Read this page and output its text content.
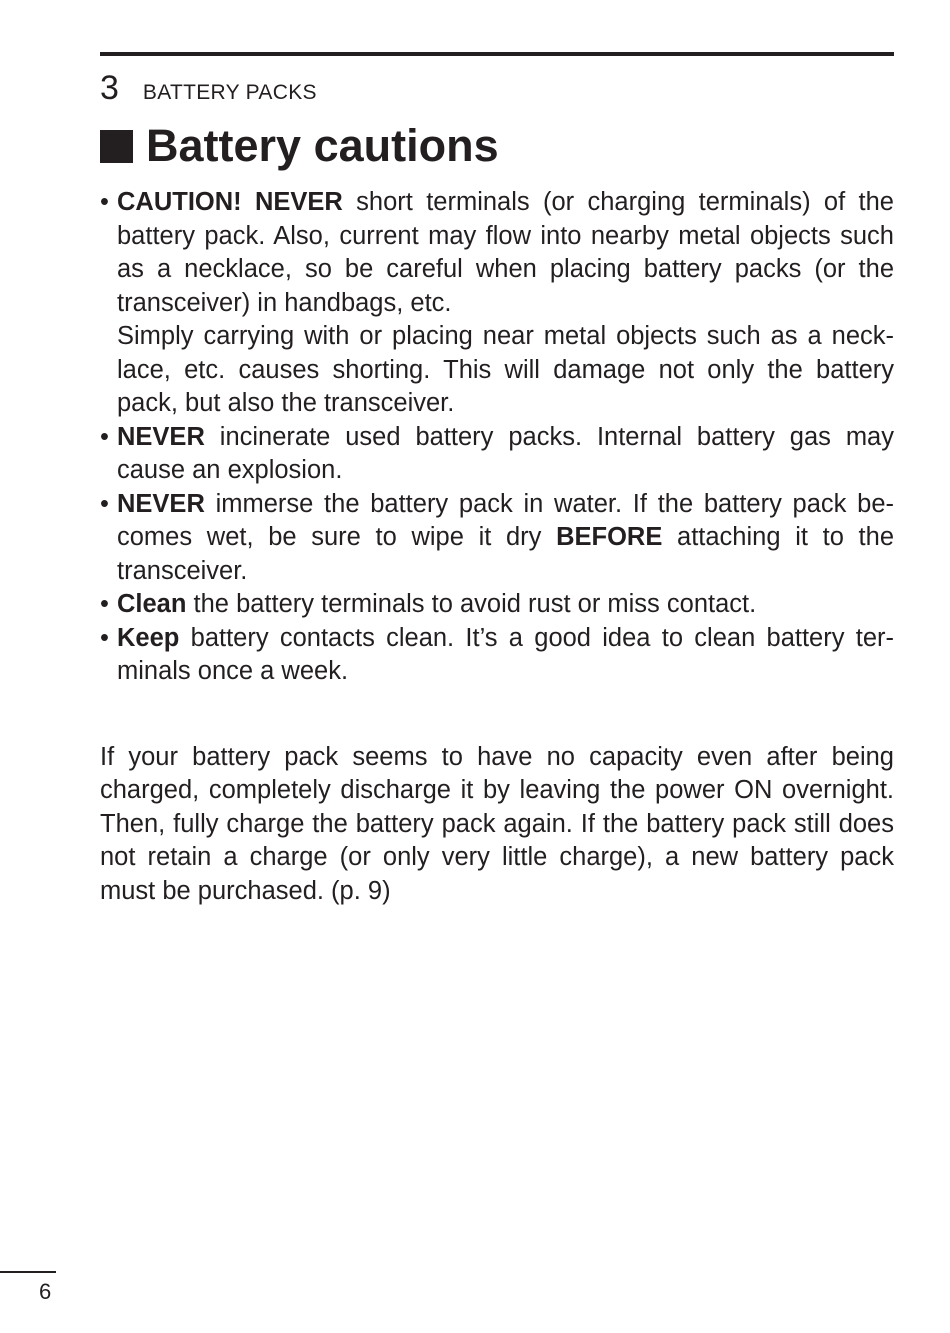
3 BATTERY PACKS
Battery cautions
• CAUTION! NEVER short terminals (or charging terminals) of the battery pack. Also, current may flow into nearby metal objects such as a necklace, so be careful when placing battery packs (or the transceiver) in handbags, etc.
Simply carrying with or placing near metal objects such as a neck-lace, etc. causes shorting. This will damage not only the battery pack, but also the transceiver.
• NEVER incinerate used battery packs. Internal battery gas may cause an explosion.
• NEVER immerse the battery pack in water. If the battery pack be-comes wet, be sure to wipe it dry BEFORE attaching it to the transceiver.
• Clean the battery terminals to avoid rust or miss contact.
• Keep battery contacts clean. It’s a good idea to clean battery ter-minals once a week.

If your battery pack seems to have no capacity even after being charged, completely discharge it by leaving the power ON overnight. Then, fully charge the battery pack again. If the battery pack still does not retain a charge (or only very little charge), a new battery pack must be purchased. (p. 9)

6
